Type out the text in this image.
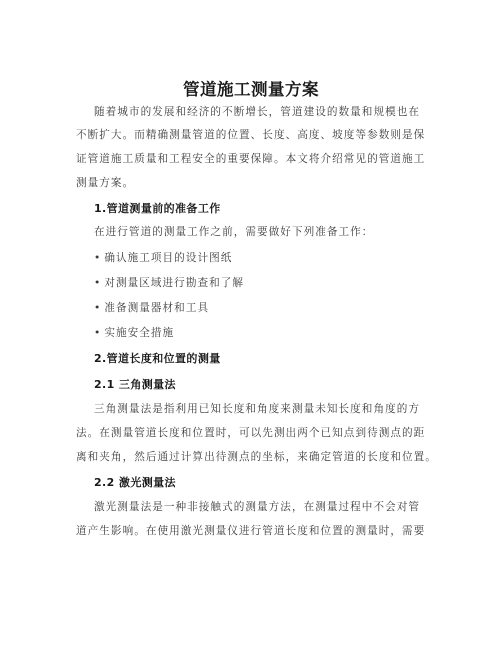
管道施工测量方案
随着城市的发展和经济的不断增长，管道建设的数量和规模也在
不断扩大。而精确测量管道的位置、长度、高度、坡度等参数则是保
证管道施工质量和工程安全的重要保障。本文将介绍常见的管道施工
测量方案。
1.管道测量前的准备工作
在进行管道的测量工作之前，需要做好下列准备工作：
• 确认施工项目的设计图纸
• 对测量区域进行勘查和了解
• 准备测量器材和工具
• 实施安全措施
2.管道长度和位置的测量
2.1 三角测量法
三角测量法是指利用已知长度和角度来测量未知长度和角度的方
法。在测量管道长度和位置时，可以先测出两个已知点到待测点的距
离和夹角，然后通过计算出待测点的坐标，来确定管道的长度和位置。
2.2 激光测量法
激光测量法是一种非接触式的测量方法，在测量过程中不会对管
道产生影响。在使用激光测量仪进行管道长度和位置的测量时，需要
